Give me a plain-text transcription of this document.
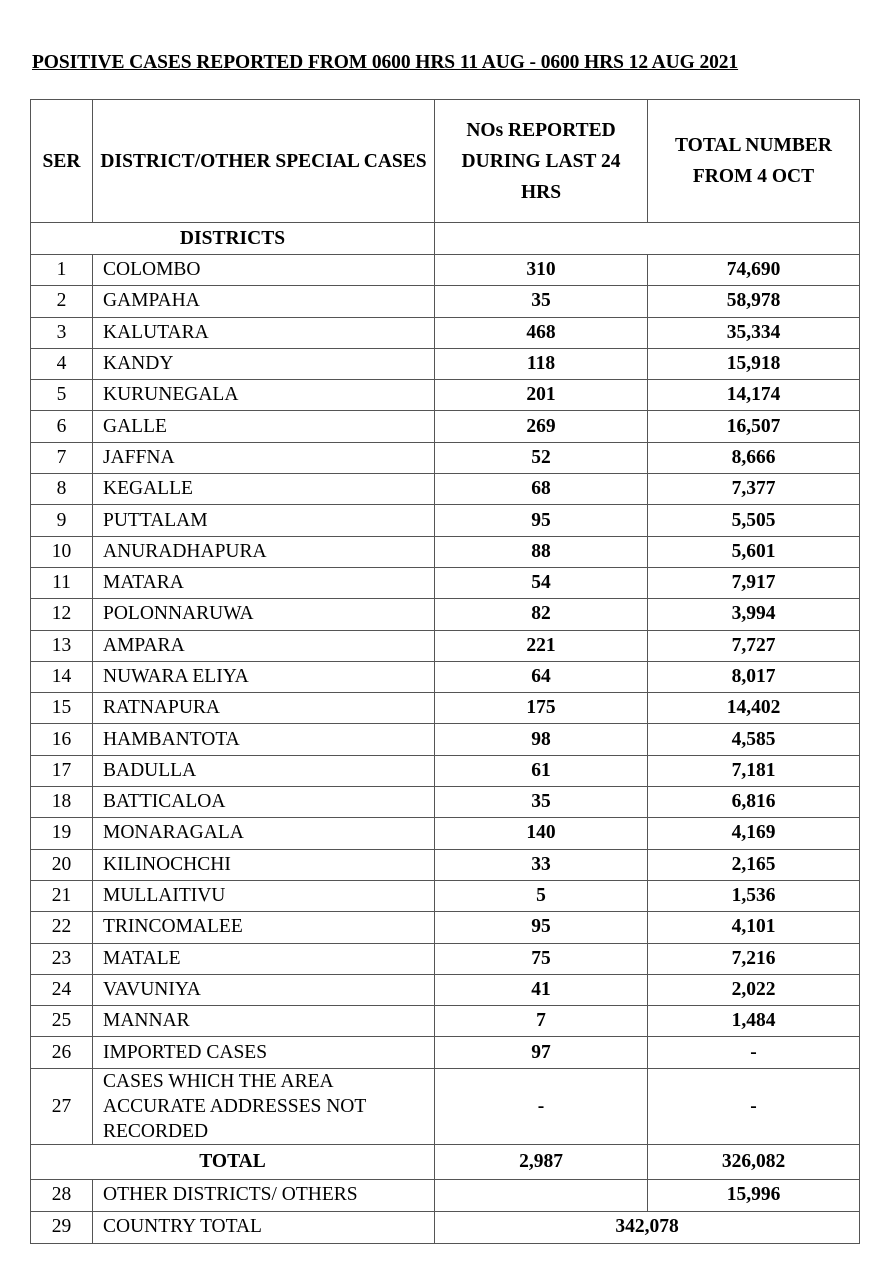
POSITIVE CASES REPORTED FROM 0600 HRS 11 AUG - 0600 HRS 12 AUG 2021
SER	DISTRICT/OTHER SPECIAL CASES	NOs REPORTED DURING LAST 24 HRS	TOTAL NUMBER FROM 4 OCT
DISTRICTS			
1	COLOMBO	310	74,690
2	GAMPAHA	35	58,978
3	KALUTARA	468	35,334
4	KANDY	118	15,918
5	KURUNEGALA	201	14,174
6	GALLE	269	16,507
7	JAFFNA	52	8,666
8	KEGALLE	68	7,377
9	PUTTALAM	95	5,505
10	ANURADHAPURA	88	5,601
11	MATARA	54	7,917
12	POLONNARUWA	82	3,994
13	AMPARA	221	7,727
14	NUWARA ELIYA	64	8,017
15	RATNAPURA	175	14,402
16	HAMBANTOTA	98	4,585
17	BADULLA	61	7,181
18	BATTICALOA	35	6,816
19	MONARAGALA	140	4,169
20	KILINOCHCHI	33	2,165
21	MULLAITIVU	5	1,536
22	TRINCOMALEE	95	4,101
23	MATALE	75	7,216
24	VAVUNIYA	41	2,022
25	MANNAR	7	1,484
26	IMPORTED CASES	97	-
27	CASES WHICH THE AREA ACCURATE ADDRESSES NOT RECORDED	-	-
TOTAL		2,987	326,082
28	OTHER DISTRICTS/ OTHERS		15,996
29	COUNTRY TOTAL	342,078	
